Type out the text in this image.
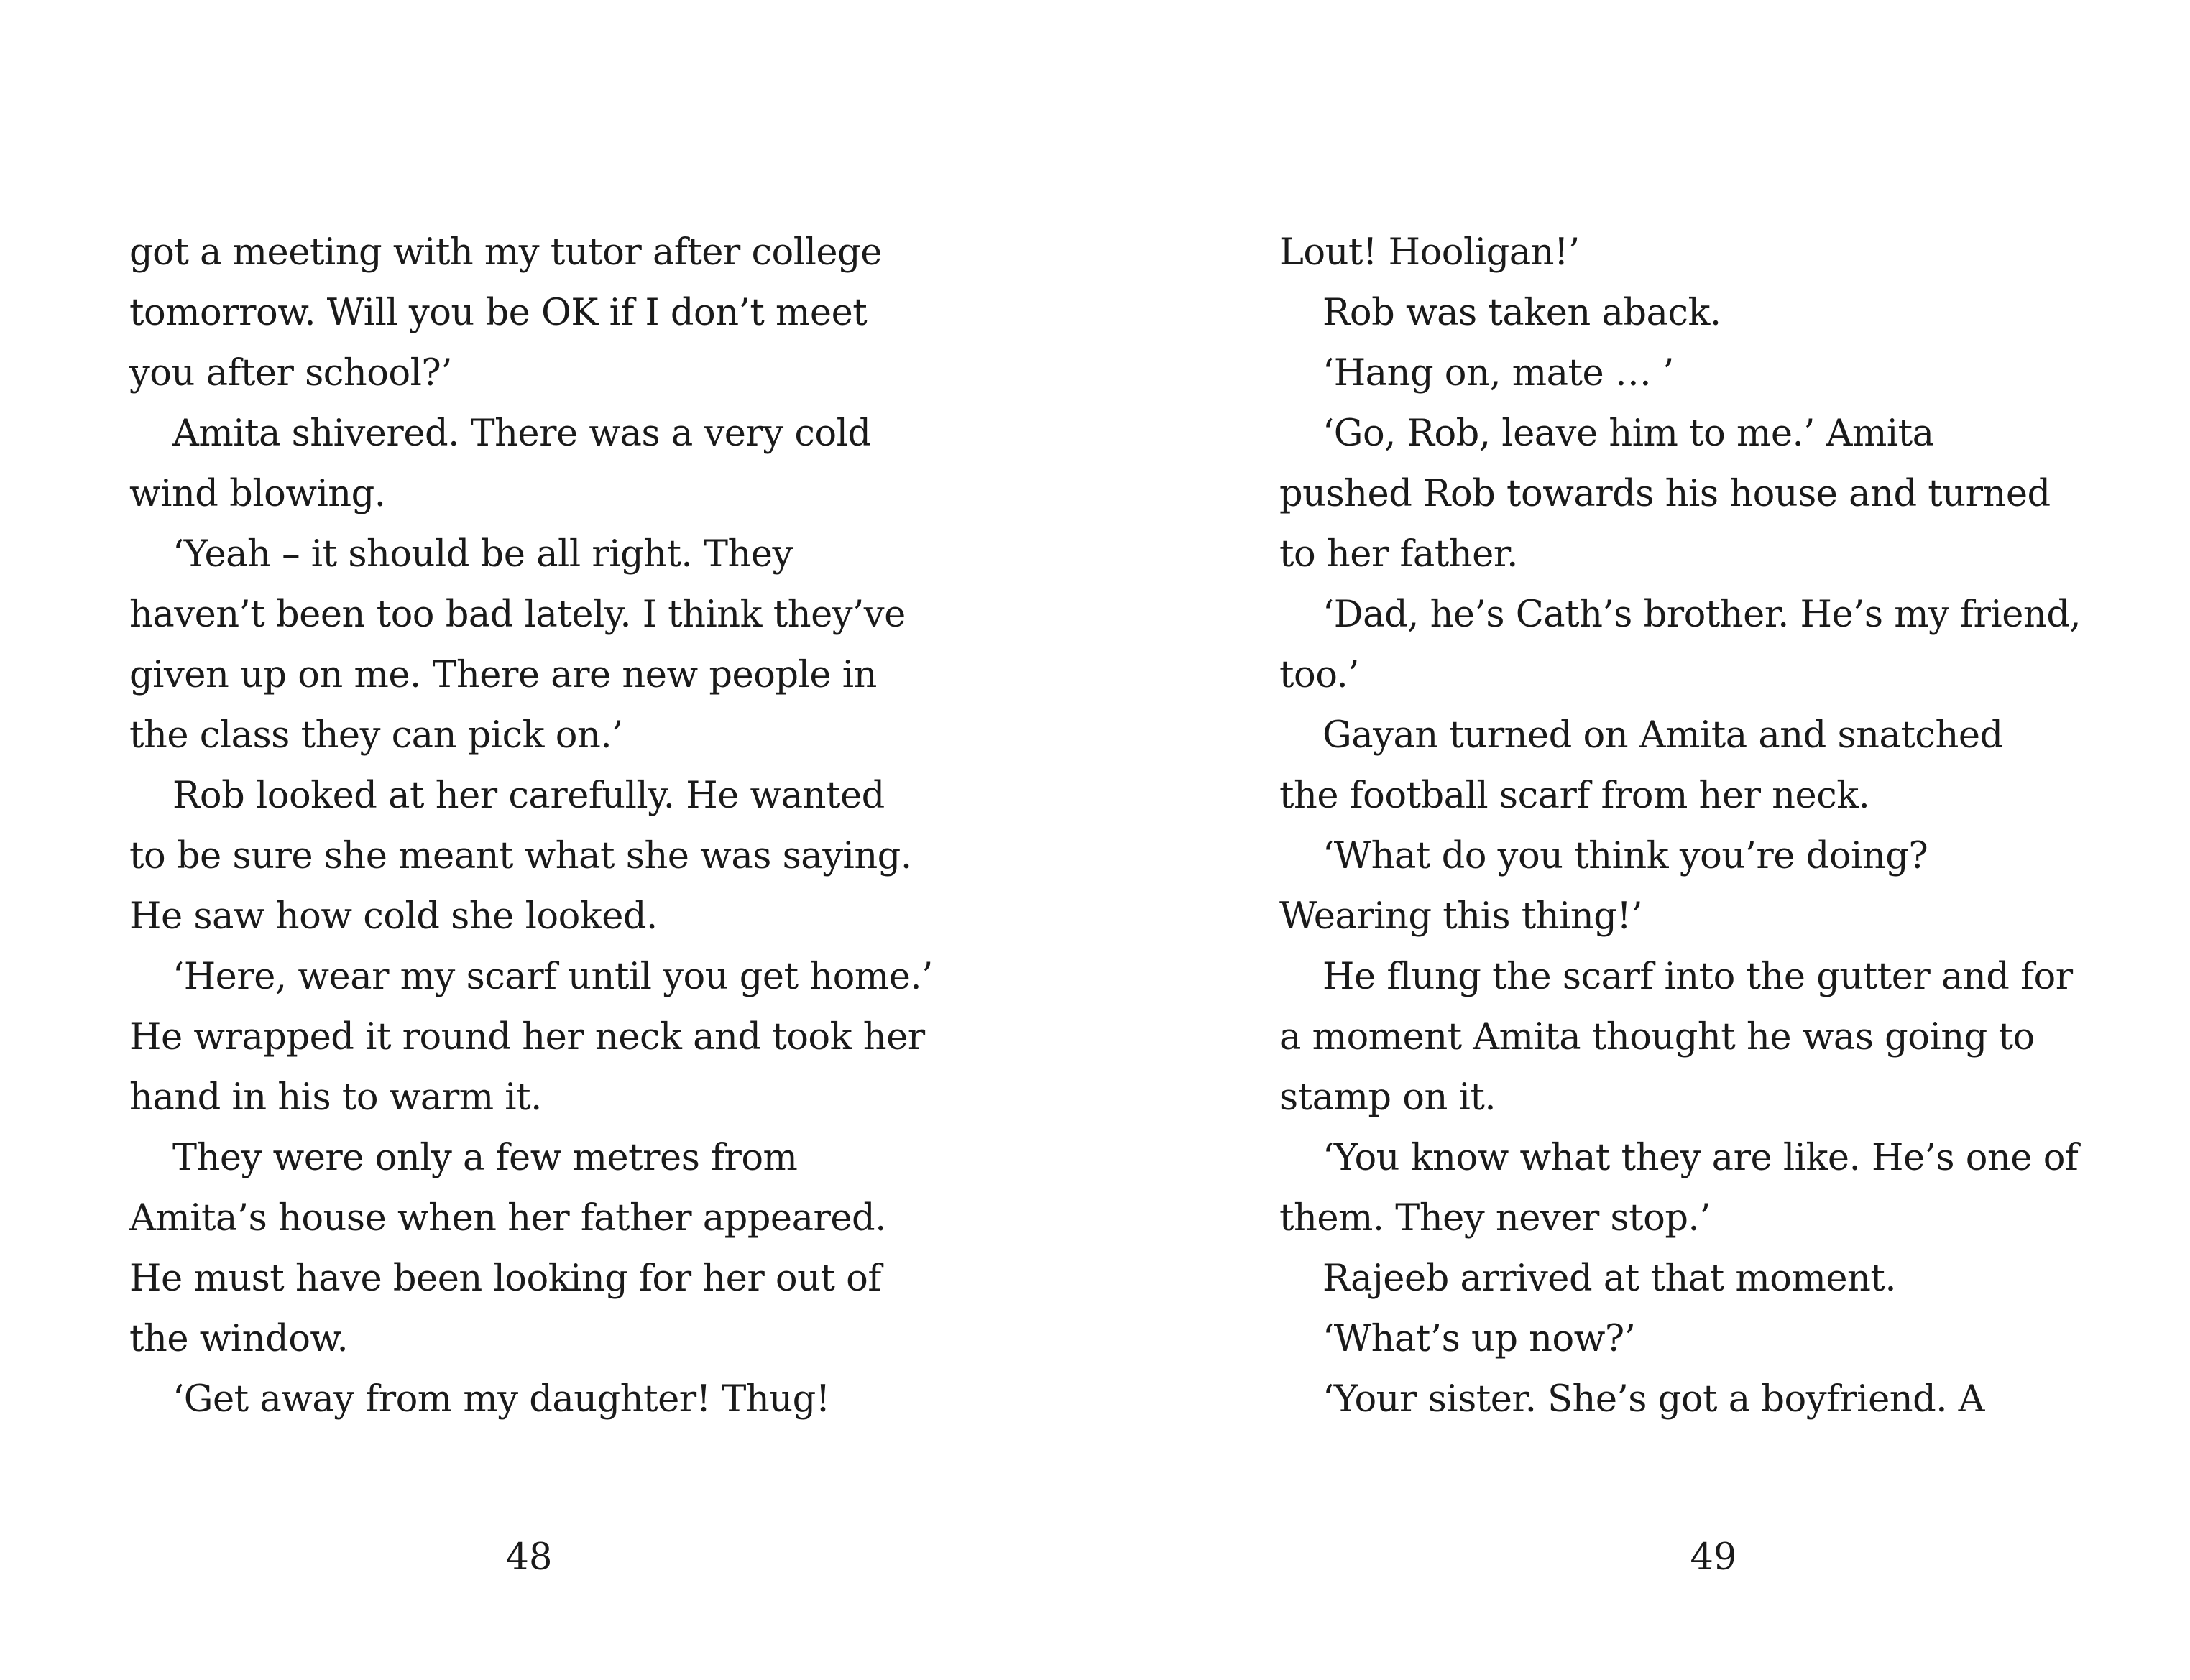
got a meeting with my tutor after college
tomorrow. Will you be OK if I don’t meet
you after school?’
Amita shivered. There was a very cold
wind blowing.
‘Yeah – it should be all right. They
haven’t been too bad lately. I think they’ve
given up on me. There are new people in
the class they can pick on.’
Rob looked at her carefully. He wanted
to be sure she meant what she was saying.
He saw how cold she looked.
‘Here, wear my scarf until you get home.’
He wrapped it round her neck and took her
hand in his to warm it.
They were only a few metres from
Amita’s house when her father appeared.
He must have been looking for her out of
the window.
‘Get away from my daughter! Thug!
48
Lout! Hooligan!’
Rob was taken aback.
‘Hang on, mate … ’
‘Go, Rob, leave him to me.’ Amita
pushed Rob towards his house and turned
to her father.
‘Dad, he’s Cath’s brother. He’s my friend,
too.’
Gayan turned on Amita and snatched
the football scarf from her neck.
‘What do you think you’re doing?
Wearing this thing!’
He flung the scarf into the gutter and for
a moment Amita thought he was going to
stamp on it.
‘You know what they are like. He’s one of
them. They never stop.’
Rajeeb arrived at that moment.
‘What’s up now?’
‘Your sister. She’s got a boyfriend. A
49
